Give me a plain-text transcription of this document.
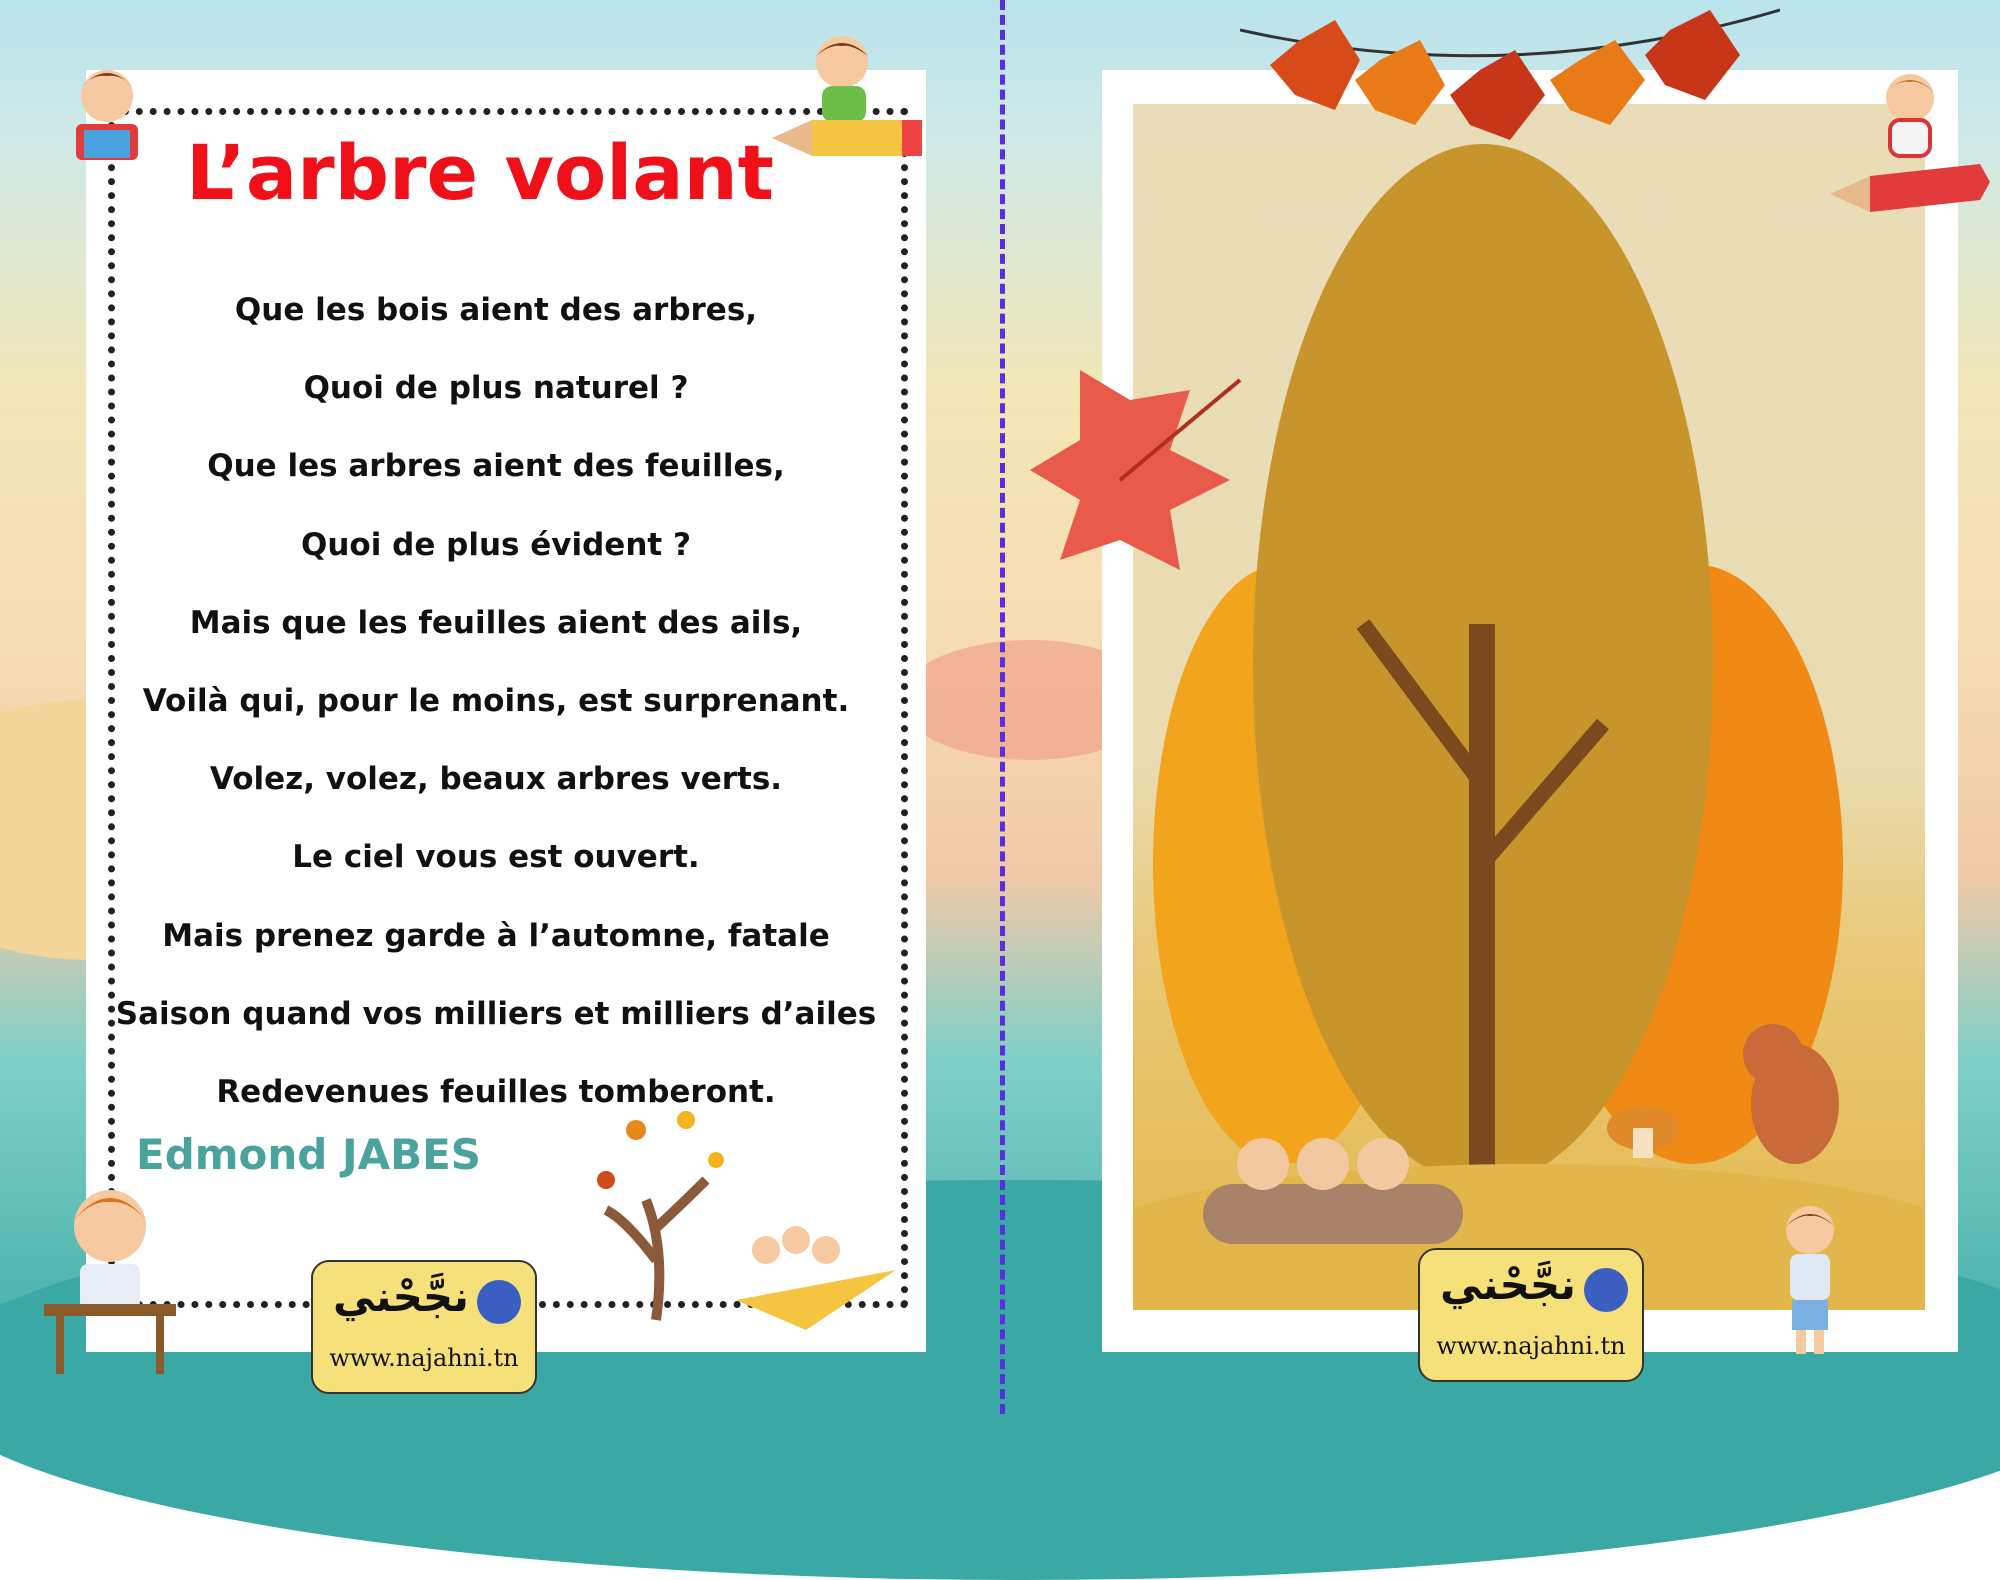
L’arbre volant
Que les bois aient des arbres,
Quoi de plus naturel ?
Que les arbres aient des feuilles,
Quoi de plus évident ?
Mais que les feuilles aient des ails,
Voilà qui, pour le moins, est surprenant.
Volez, volez, beaux arbres verts.
Le ciel vous est ouvert.
Mais prenez garde à l’automne, fatale
Saison quand vos milliers et milliers d’ailes
Redevenues feuilles tomberont.
Edmond JABES
نجَّحْني
www.najahni.tn
نجَّحْني
www.najahni.tn
